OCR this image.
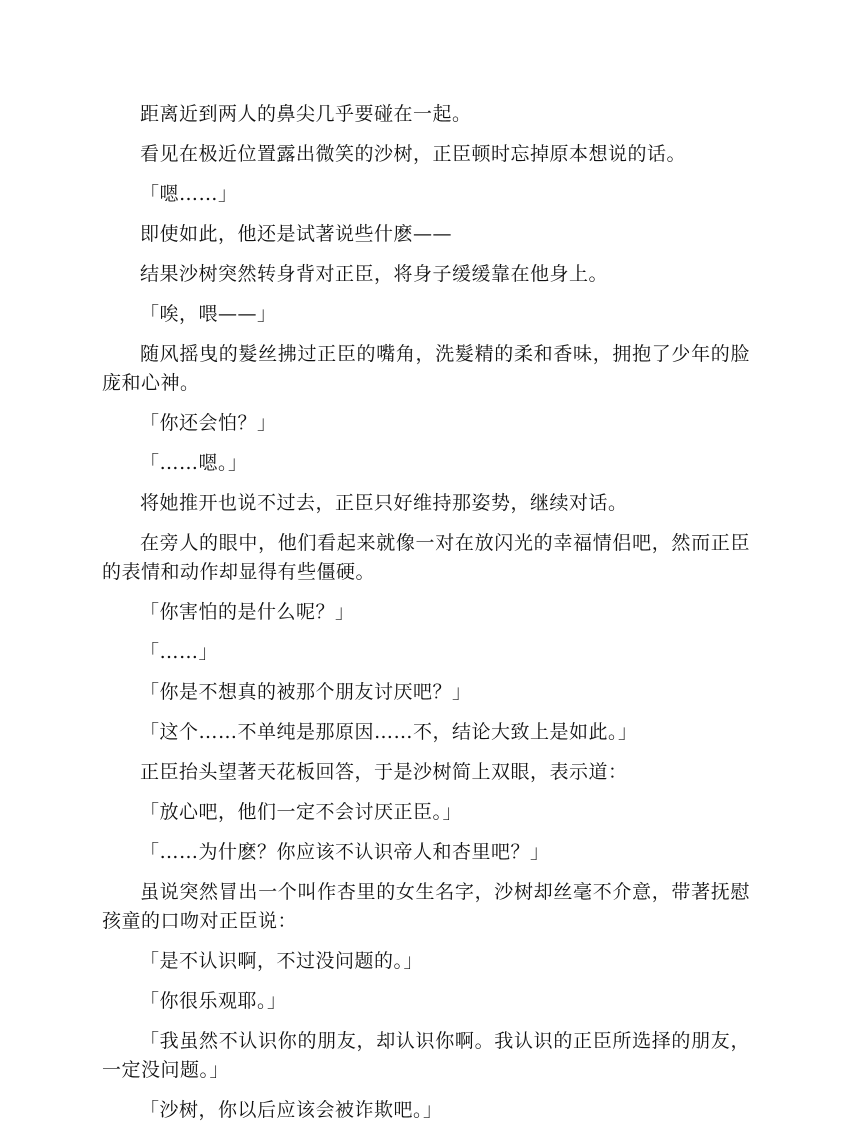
距离近到两人的鼻尖几乎要碰在一起。

看见在极近位置露出微笑的沙树，正臣顿时忘掉原本想说的话。

「嗯……」

即使如此，他还是试著说些什麽——

结果沙树突然转身背对正臣，将身子缓缓靠在他身上。

「唉，喂——」

随风摇曳的髮丝拂过正臣的嘴角，洗髮精的柔和香味，拥抱了少年的脸庞和心神。

「你还会怕？」

「……嗯。」

将她推开也说不过去，正臣只好维持那姿势，继续对话。

在旁人的眼中，他们看起来就像一对在放闪光的幸福情侣吧，然而正臣的表情和动作却显得有些僵硬。

「你害怕的是什么呢？」

「……」

「你是不想真的被那个朋友讨厌吧？」

「这个……不单纯是那原因……不，结论大致上是如此。」

正臣抬头望著天花板回答，于是沙树简上双眼，表示道：

「放心吧，他们一定不会讨厌正臣。」

「……为什麽？你应该不认识帝人和杏里吧？」

虽说突然冒出一个叫作杏里的女生名字，沙树却丝毫不介意，带著抚慰孩童的口吻对正臣说：

「是不认识啊，不过没问题的。」

「你很乐观耶。」

「我虽然不认识你的朋友，却认识你啊。我认识的正臣所选择的朋友，一定没问题。」

「沙树，你以后应该会被诈欺吧。」
